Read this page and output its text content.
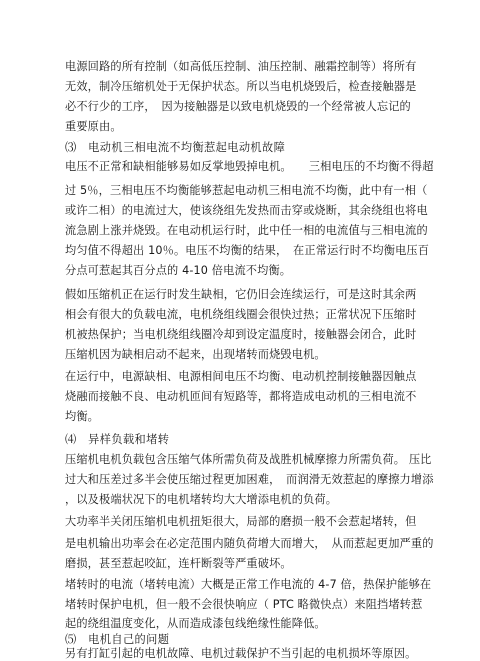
电源回路的所有控制（如高低压控制、油压控制、融霜控制等）将所有
无效，制冷压缩机处于无保护状态。所以当电机烧毁后，检查接触器是
必不行少的工序，　因为接触器是以致电机烧毁的一个经常被人忘记的
重要原由。
⑶　电动机三相电流不均衡惹起电动机故障
电压不正常和缺相能够易如反掌地毁掉电机。　　三相电压的不均衡不得超
过 5％，三相电压不均衡能够惹起电动机三相电流不均衡，此中有一相（
或许二相）的电流过大，使该绕组先发热而击穿或烧断，其余绕组也将电
流急剧上涨并烧毁。在电动机运行时，此中任一相的电流值与三相电流的
均匀值不得超出 10％。电压不均衡的结果，　在正常运行时不均衡电压百
分点可惹起其百分点的 4-10 倍电流不均衡。
假如压缩机正在运行时发生缺相，它仍旧会连续运行，可是这时其余两
相会有很大的负载电流，电机绕组线圈会很快过热；正常状况下压缩时
机被热保护；当电机绕组线圈冷却到设定温度时，接触器会闭合，此时
压缩机因为缺相启动不起来，出现堵转而烧毁电机。
在运行中，电源缺相、电源相间电压不均衡、电动机控制接触器因触点
烧融而接触不良、电动机匝间有短路等，都将造成电动机的三相电流不
均衡。
⑷　异样负载和堵转
压缩机电机负载包含压缩气体所需负荷及战胜机械摩擦力所需负荷。 压比
过大和压差过多半会使压缩过程更加困难，　而润滑无效惹起的摩擦力增添
，以及极端状况下的电机堵转均大大增添电机的负荷。
大功率半关闭压缩机电机扭矩很大，局部的磨损一般不会惹起堵转，但
是电机输出功率会在必定范围内随负荷增大而增大，　从而惹起更加严重的
磨损，甚至惹起咬缸，连杆断裂等严重破坏。
堵转时的电流（堵转电流）大概是正常工作电流的 4-7 倍，热保护能够在
堵转时保护电机，但一般不会很快响应（ PTC 略微快点）来阻挡堵转惹
起的绕组温度变化，从而造成漆包线绝缘性能降低。
⑸　电机自己的问题
另有打缸引起的电机故障、电机过载保护不当引起的电机损坏等原因。
